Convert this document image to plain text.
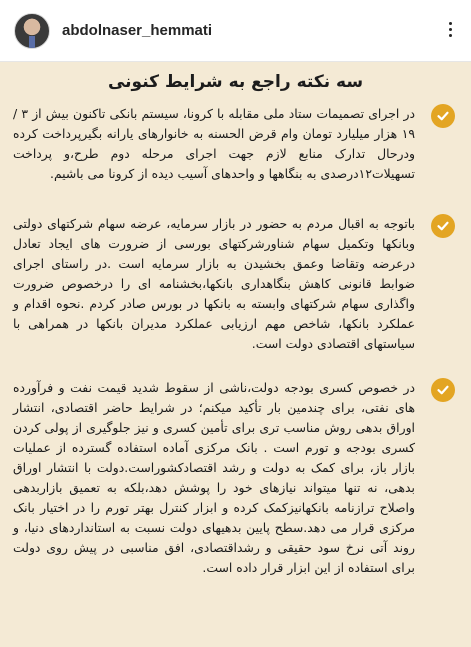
abdolnaser_hemmati
سه نکته راجع به شرایط کنونی

در اجرای تصمیمات ستاد ملی مقابله با کرونا، سیستم بانکی تاکنون بیش از ۳ / ۱۹ هزار میلیارد تومان وام قرض الحسنه به خانوارهای یارانه بگیرپرداخت کرده ودرحال تدارک منابع لازم جهت اجرای مرحله دوم طرح،و پرداخت تسهیلات۱۲درصدی به بنگاهها و واحدهای آسیب دیده از کرونا می باشیم.

باتوجه به اقبال مردم به حضور در بازار سرمایه، عرضه سهام شرکتهای دولتی وبانکها وتکمیل سهام شناورشرکتهای بورسی از ضرورت های ایجاد تعادل درعرضه وتقاضا وعمق بخشیدن به بازار سرمایه است .در راستای اجرای ضوابط قانونی کاهش بنگاهداری بانکها،بخشنامه ای را درخصوص ضرورت واگذاری سهام شرکتهای وابسته به بانکها در بورس صادر کردم .نحوه اقدام و عملکرد بانکها، شاخص مهم ارزیابی عملکرد مدیران بانکها در همراهی با سیاستهای اقتصادی دولت است.

در خصوص کسری بودجه دولت،ناشی از سقوط شدید قیمت نفت و فرآورده های نفتی، برای چندمین بار تأکید میکنم؛ در شرایط حاضر اقتصادی، انتشار اوراق بدهی روش مناسب تری برای تأمین کسری و نیز جلوگیری از پولی کردن کسری بودجه و تورم است . بانک مرکزی آماده استفاده گسترده از عملیات بازار باز، برای کمک به دولت و رشد اقتصادکشوراست.دولت با انتشار اوراق بدهی، نه تنها میتواند نیازهای خود را پوشش دهد،بلکه به تعمیق بازاربدهی واصلاح ترازنامه بانکهانیزکمک کرده و ابزار کنترل بهتر تورم را در اختیار بانک مرکزی قرار می دهد.سطح پایین بدهیهای دولت نسبت به استانداردهای دنیا، و روند آتی نرخ سود حقیقی و رشداقتصادی، افق مناسبی در پیش روی دولت برای استفاده از این ابزار قرار داده است.
